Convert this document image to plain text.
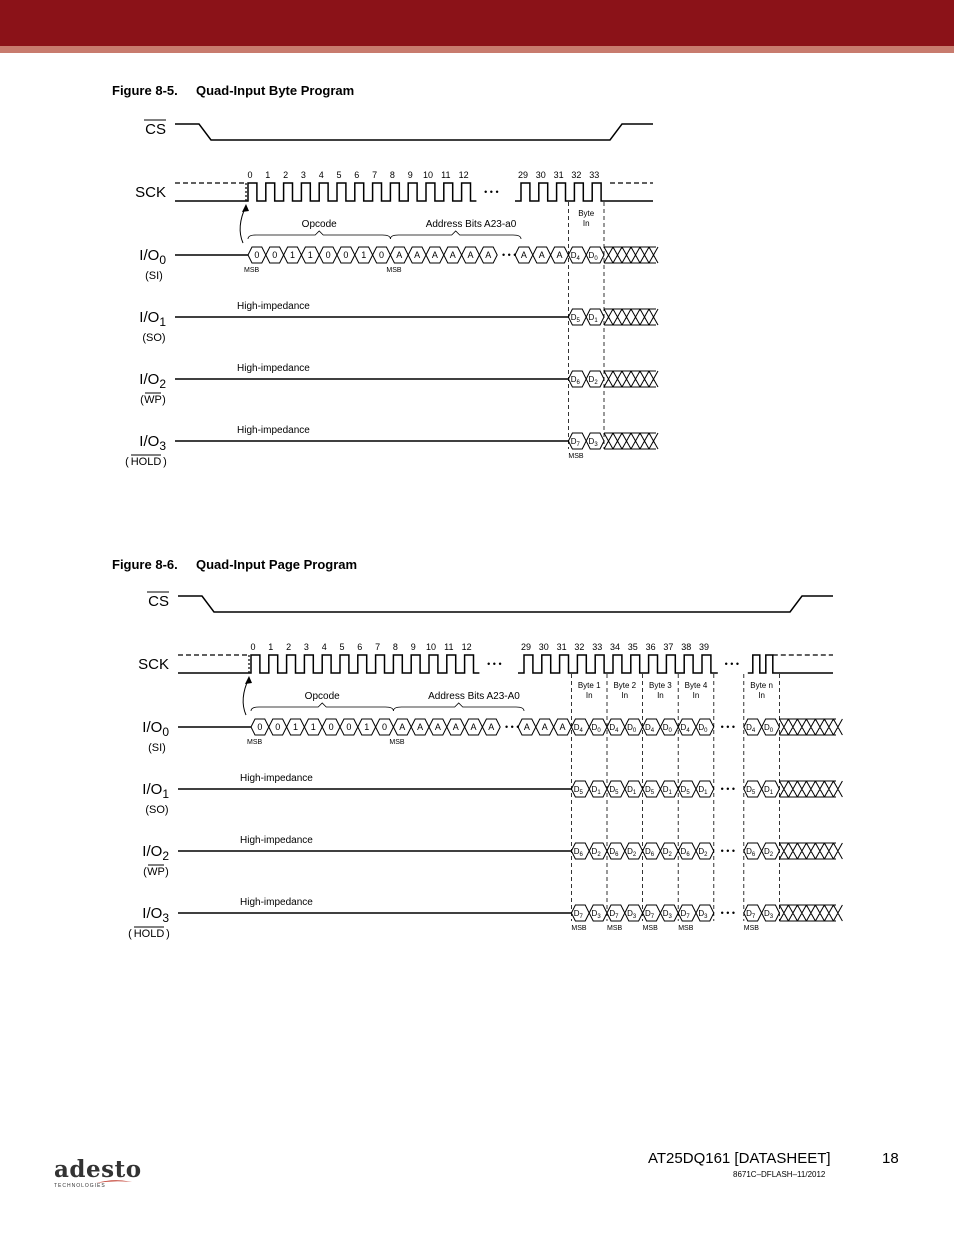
Figure 8-5. Quad-Input Byte Program
CS
SCK
$I/O_0$
(SI)
$I/O_1$
(SO)
$I/O_2$
( WP )
( HOLD )
$I/O_3$
• • •
0 1 2 3 4 5 6 7 8 9 10 11 12	29 30 31 32 33
Opcode	Address Bits A23-a0
0 0 1 1 0 0 1 0 A A A A A A • • • A A A
MSB	MSB
$D_4$ $D_0$
High-impedance
$D_5$ $D_1$
High-impedance
$D_6$ $D_2$
High-impedance
$D_7$ $D_3$
MSB
Byte
In
Figure 8-6. Quad-Input Page Program
CS
SCK
$I/O_0$
(SI)
$I/O_1$
(SO)
$I/O_2$
( WP )
( HOLD )
$I/O_3$
• • •
• • •
0 1 2 3 4 5 6 7 8 9 10 11 12	29 30 31 32 33 34 35 36 37 38 39
Opcode	Address Bits A23-A0
0 0 1 1 0 0 1 0 A A A A A A • • • A A A
MSB	MSB
$D_4$ $D_0$ $D_4$ $D_0$ $D_4$ $D_0$ $D_4$ $D_0$ • • • $D_4$ $D_0$
High-impedance
$D_5$ $D_1$ $D_5$ $D_1$ $D_5$ $D_1$ $D_5$ $D_1$ • • • $D_5$ $D_1$
High-impedance
$D_6$ $D_2$ $D_6$ $D_2$ $D_6$ $D_2$ $D_6$ $D_2$ • • • $D_6$ $D_2$
High-impedance
$D_7$ $D_3$ $D_7$ $D_3$ $D_7$ $D_3$ $D_7$ $D_3$ • • • $D_7$ $D_3$
MSB	MSB	MSB	MSB	MSB
Byte 1
In
Byte 2
In
Byte 3
In
Byte 4
In
Byte n
In
adesto
TECHNOLOGIES
AT25DQ161 [DATASHEET]	18
8671C–DFLASH–11/2012
